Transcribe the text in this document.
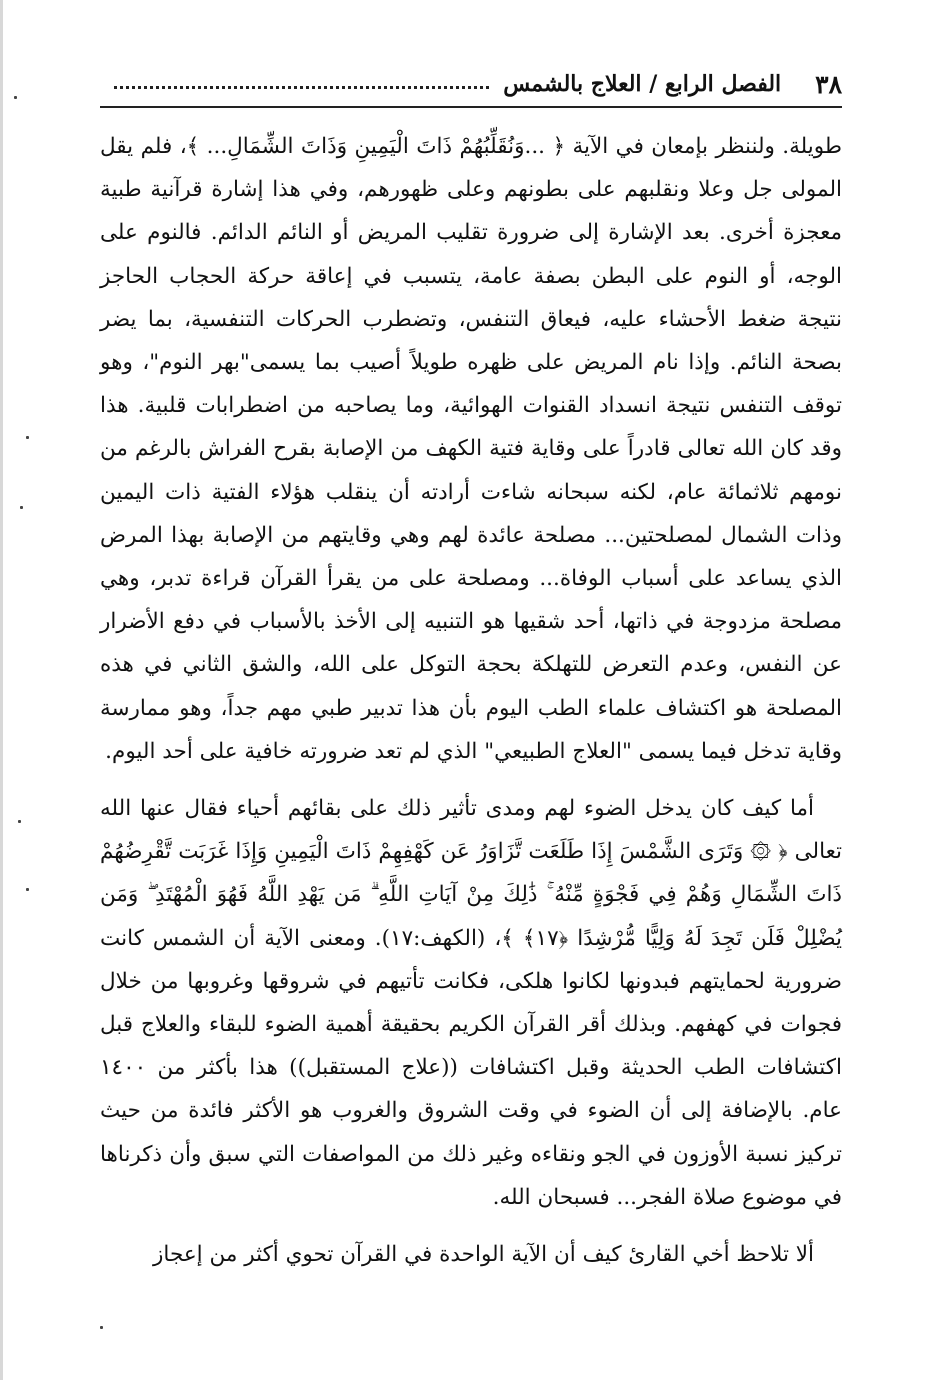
٣٨
الفصل الرابع / العلاج بالشمس

طويلة. ولننظر بإمعان في الآية ﴿ ...وَنُقَلِّبُهُمْ ذَاتَ الْيَمِينِ وَذَاتَ الشِّمَالِ... ﴾، فلم يقل المولى جل وعلا ونقلبهم على بطونهم وعلى ظهورهم، وفي هذا إشارة قرآنية طبية معجزة أخرى. بعد الإشارة إلى ضرورة تقليب المريض أو النائم الدائم. فالنوم على الوجه، أو النوم على البطن بصفة عامة، يتسبب في إعاقة حركة الحجاب الحاجز نتيجة ضغط الأحشاء عليه، فيعاق التنفس، وتضطرب الحركات التنفسية، بما يضر بصحة النائم. وإذا نام المريض على ظهره طويلاً أصيب بما يسمى"بهر النوم"، وهو توقف التنفس نتيجة انسداد القنوات الهوائية، وما يصاحبه من اضطرابات قلبية. هذا وقد كان الله تعالى قادراً على وقاية فتية الكهف من الإصابة بقرح الفراش بالرغم من نومهم ثلاثمائة عام، لكنه سبحانه شاءت أرادته أن ينقلب هؤلاء الفتية ذات اليمين وذات الشمال لمصلحتين... مصلحة عائدة لهم وهي وقايتهم من الإصابة بهذا المرض الذي يساعد على أسباب الوفاة... ومصلحة على من يقرأ القرآن قراءة تدبر، وهي مصلحة مزدوجة في ذاتها، أحد شقيها هو التنبيه إلى الأخذ بالأسباب في دفع الأضرار عن النفس، وعدم التعرض للتهلكة بحجة التوكل على الله، والشق الثاني في هذه المصلحة هو اكتشاف علماء الطب اليوم بأن هذا تدبير طبي مهم جداً، وهو ممارسة وقاية تدخل فيما يسمى "العلاج الطبيعي" الذي لم تعد ضرورته خافية على أحد اليوم.

أما كيف كان يدخل الضوء لهم ومدى تأثير ذلك على بقائهم أحياء فقال عنها الله تعالى ﴿ ۞ وَتَرَى الشَّمْسَ إِذَا طَلَعَت تَّزَاوَرُ عَن كَهْفِهِمْ ذَاتَ الْيَمِينِ وَإِذَا غَرَبَت تَّقْرِضُهُمْ ذَاتَ الشِّمَالِ وَهُمْ فِي فَجْوَةٍ مِّنْهُ ۚ ذَٰلِكَ مِنْ آيَاتِ اللَّهِ ۗ مَن يَهْدِ اللَّهُ فَهُوَ الْمُهْتَدِ ۖ وَمَن يُضْلِلْ فَلَن تَجِدَ لَهُ وَلِيًّا مُّرْشِدًا ﴿١٧﴾ ﴾، (الكهف:١٧). ومعنى الآية أن الشمس كانت ضرورية لحمايتهم فبدونها لكانوا هلكى، فكانت تأتيهم في شروقها وغروبها من خلال فجوات في كهفهم. وبذلك أقر القرآن الكريم بحقيقة أهمية الضوء للبقاء والعلاج قبل اكتشافات الطب الحديثة وقبل اكتشافات ((علاج المستقبل)) هذا بأكثر من ١٤٠٠ عام. بالإضافة إلى أن الضوء في وقت الشروق والغروب هو الأكثر فائدة من حيث تركيز نسبة الأوزون في الجو ونقاءه وغير ذلك من المواصفات التي سبق وأن ذكرناها في موضوع صلاة الفجر... فسبحان الله.

ألا تلاحظ أخي القارئ كيف أن الآية الواحدة في القرآن تحوي أكثر من إعجاز
